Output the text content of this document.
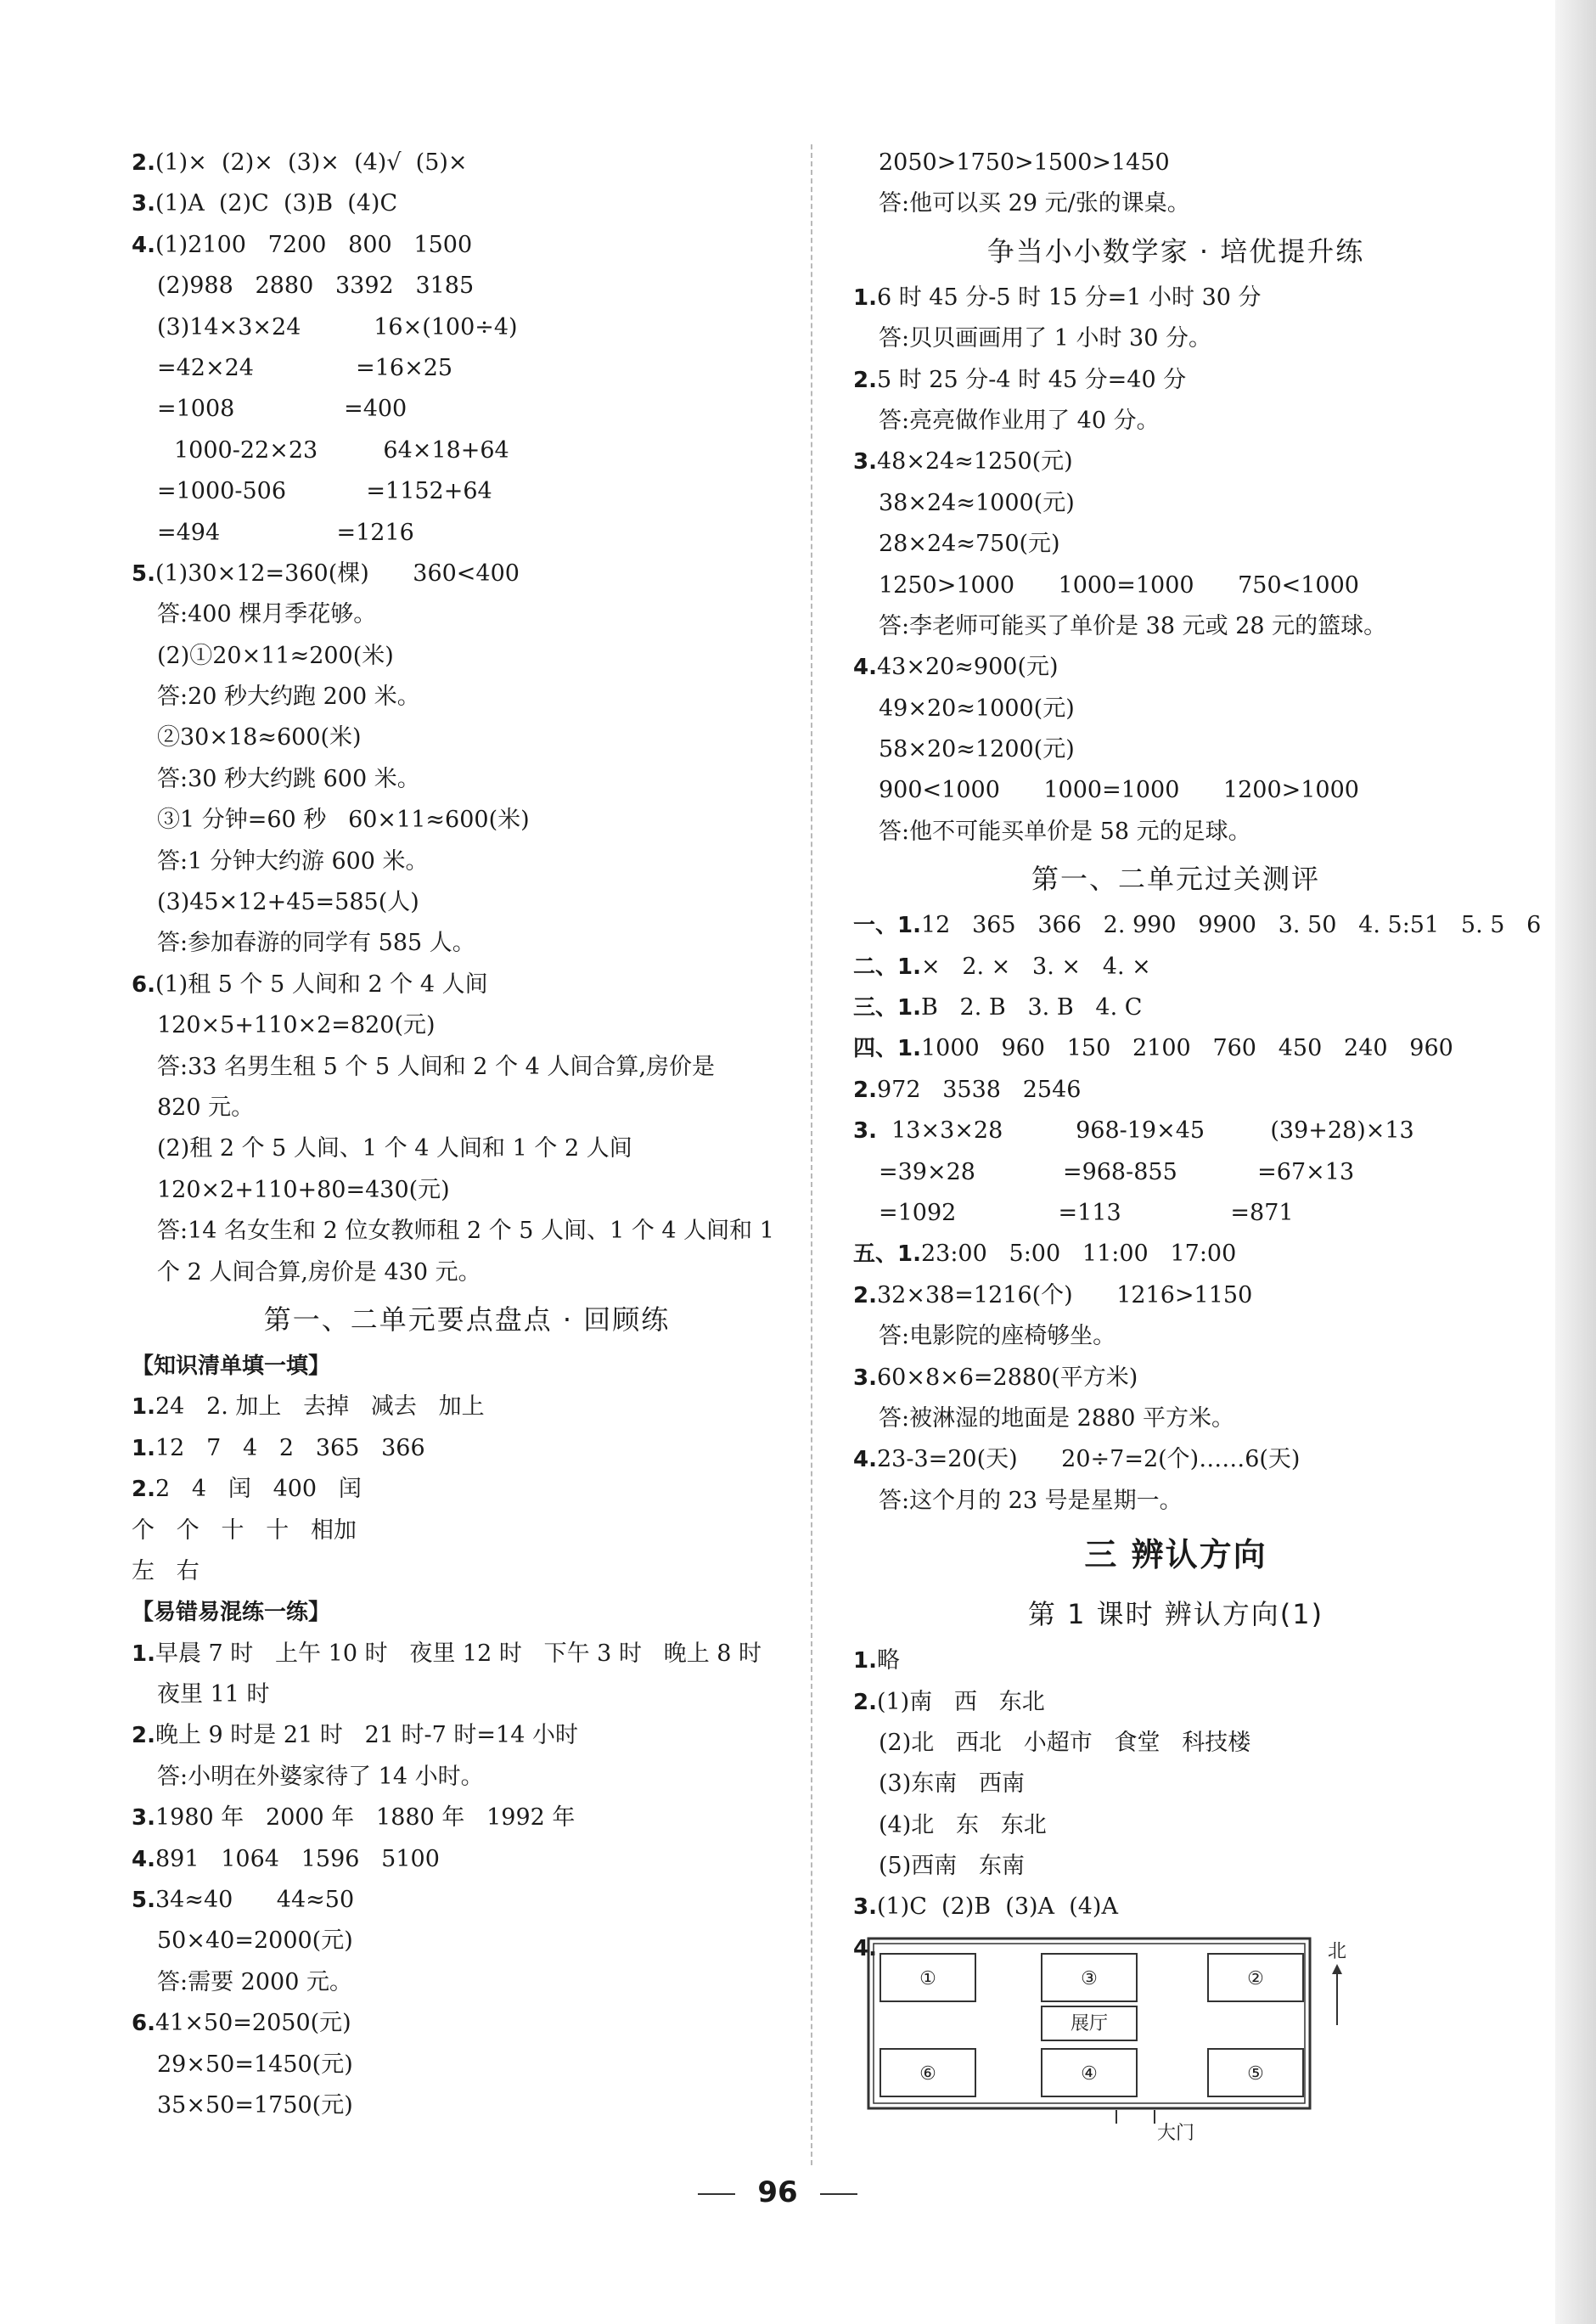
2.(1)×  (2)×  (3)×  (4)√  (5)×
3.(1)A  (2)C  (3)B  (4)C
4.(1)2100   7200   800   1500
(2)988   2880   3392   3185
(3)14×3×24          16×(100÷4)
=42×24              =16×25
=1008               =400
1000-22×23         64×18+64
=1000-506           =1152+64
=494                =1216
5.(1)30×12=360(棵)      360<400
答:400 棵月季花够。
(2)①20×11≈200(米)
答:20 秒大约跑 200 米。
②30×18≈600(米)
答:30 秒大约跳 600 米。
③1 分钟=60 秒   60×11≈600(米)
答:1 分钟大约游 600 米。
(3)45×12+45=585(人)
答:参加春游的同学有 585 人。
6.(1)租 5 个 5 人间和 2 个 4 人间
120×5+110×2=820(元)
答:33 名男生租 5 个 5 人间和 2 个 4 人间合算,房价是
820 元。
(2)租 2 个 5 人间、1 个 4 人间和 1 个 2 人间
120×2+110+80=430(元)
答:14 名女生和 2 位女教师租 2 个 5 人间、1 个 4 人间和 1
个 2 人间合算,房价是 430 元。
第一、二单元要点盘点 · 回顾练
【知识清单填一填】
1.24   2. 加上   去掉   减去   加上
1.12   7   4   2   365   366
2.2   4   闰   400   闰
个   个   十   十   相加
左   右
【易错易混练一练】
1.早晨 7 时   上午 10 时   夜里 12 时   下午 3 时   晚上 8 时
夜里 11 时
2.晚上 9 时是 21 时   21 时-7 时=14 小时
答:小明在外婆家待了 14 小时。
3.1980 年   2000 年   1880 年   1992 年
4.891   1064   1596   5100
5.34≈40      44≈50
50×40=2000(元)
答:需要 2000 元。
6.41×50=2050(元)
29×50=1450(元)
35×50=1750(元)
2050>1750>1500>1450
答:他可以买 29 元/张的课桌。
争当小小数学家 · 培优提升练
1.6 时 45 分-5 时 15 分=1 小时 30 分
答:贝贝画画用了 1 小时 30 分。
2.5 时 25 分-4 时 45 分=40 分
答:亮亮做作业用了 40 分。
3.48×24≈1250(元)
38×24≈1000(元)
28×24≈750(元)
1250>1000      1000=1000      750<1000
答:李老师可能买了单价是 38 元或 28 元的篮球。
4.43×20≈900(元)
49×20≈1000(元)
58×20≈1200(元)
900<1000      1000=1000      1200>1000
答:他不可能买单价是 58 元的足球。
第一、二单元过关测评
一、1.12   365   366   2. 990   9900   3. 50   4. 5:51   5. 5   6
二、1.×   2. ×   3. ×   4. ×
三、1.B   2. B   3. B   4. C
四、1.1000   960   150   2100   760   450   240   960
2.972   3538   2546
3.  13×3×28          968-19×45         (39+28)×13
=39×28            =968-855           =67×13
=1092              =113               =871
五、1.23:00   5:00   11:00   17:00
2.32×38=1216(个)      1216>1150
答:电影院的座椅够坐。
3.60×8×6=2880(平方米)
答:被淋湿的地面是 2880 平方米。
4.23-3=20(天)      20÷7=2(个)……6(天)
答:这个月的 23 号是星期一。
三 辨认方向
第 1 课时 辨认方向(1)
1.略
2.(1)南   西   东北
(2)北   西北   小超市   食堂   科技楼
(3)东南   西南
(4)北   东   东北
(5)西南   东南
3.(1)C  (2)B  (3)A  (4)A
4.
①	③	②
⑥	④	⑤
展厅
大门
北
96
